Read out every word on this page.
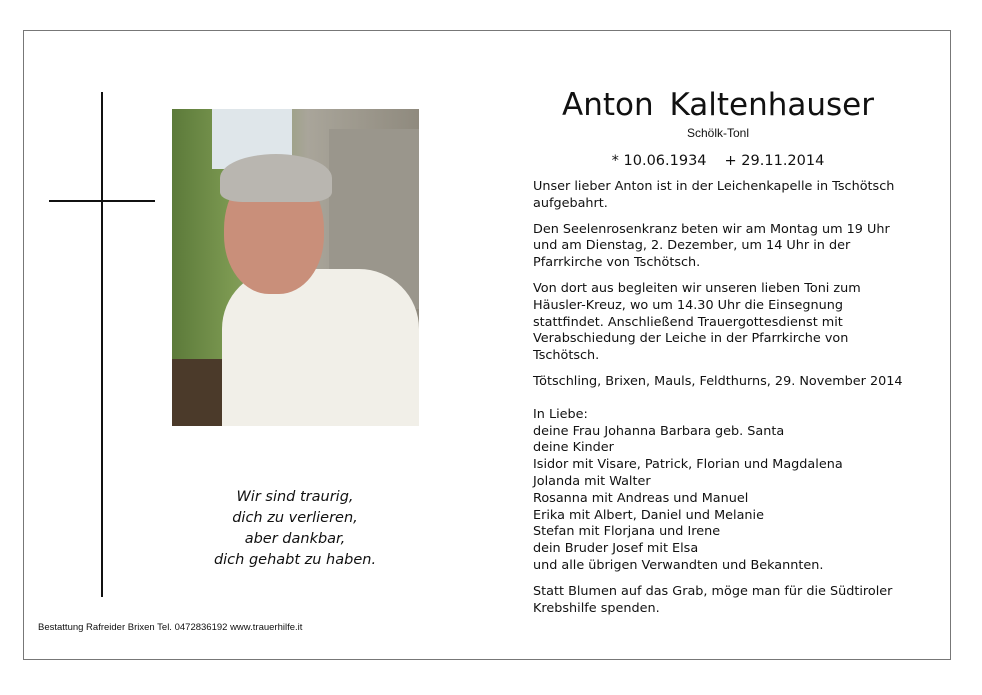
Wir sind traurig,
dich zu verlieren,
aber dankbar,
dich gehabt zu haben.
Bestattung Rafreider Brixen Tel. 0472836192 www.trauerhilfe.it
Anton Kaltenhauser
Schölk-Tonl
* 10.06.1934 + 29.11.2014

Unser lieber Anton ist in der Leichenkapelle in Tschötsch aufgebahrt.

Den Seelenrosenkranz beten wir am Montag um 19 Uhr und am Dienstag, 2. Dezember, um 14 Uhr in der Pfarrkirche von Tschötsch.

Von dort aus begleiten wir unseren lieben Toni zum Häusler-Kreuz, wo um 14.30 Uhr die Einsegnung stattfindet. Anschließend Trauergottesdienst mit Verabschiedung der Leiche in der Pfarrkirche von Tschötsch.

Tötschling, Brixen, Mauls, Feldthurns, 29. November 2014

In Liebe:
deine Frau Johanna Barbara geb. Santa
deine Kinder
Isidor mit Visare, Patrick, Florian und Magdalena
Jolanda mit Walter
Rosanna mit Andreas und Manuel
Erika mit Albert, Daniel und Melanie
Stefan mit Florjana und Irene
dein Bruder Josef mit Elsa
und alle übrigen Verwandten und Bekannten.

Statt Blumen auf das Grab, möge man für die Südtiroler Krebshilfe spenden.
